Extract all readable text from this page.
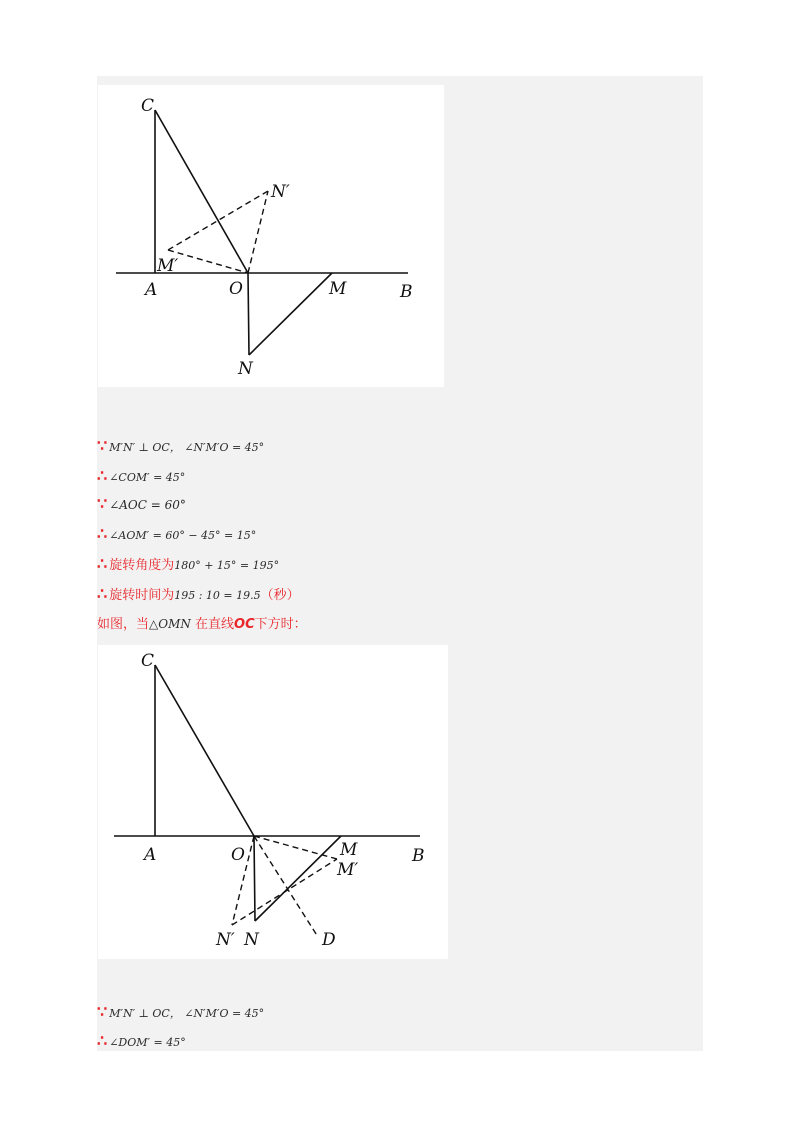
C
N′
M′
A	O	M	B
N
∵ M′N′ ⊥ OC， ∠N′M′O = 45°
∴ ∠COM′ = 45°
∵ ∠AOC = 60°
∴ ∠AOM′ = 60° − 45° = 15°
∴ 旋转角度为180° + 15° = 195°
∴ 旋转时间为195 : 10 = 19.5（秒）
如图，当△OMN 在直线OC下方时：
C
A	O	M
M′
B
N′ N	D
∵ M′N′ ⊥ OC， ∠N′M′O = 45°
∴ ∠DOM′ = 45°
